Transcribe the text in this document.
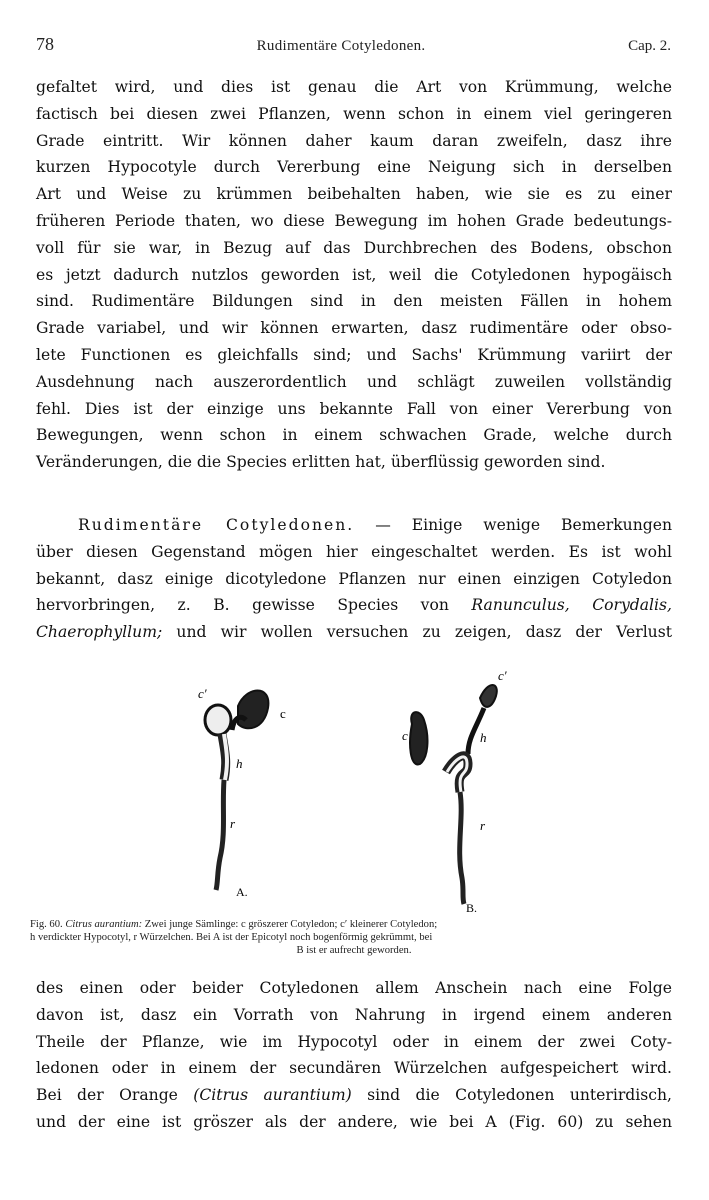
78	Rudimentäre Cotyledonen.	Cap. 2.
gefaltet wird, und dies ist genau die Art von Krümmung, welche
factisch bei diesen zwei Pflanzen, wenn schon in einem viel geringeren
Grade eintritt. Wir können daher kaum daran zweifeln, dasz ihre
kurzen Hypocotyle durch Vererbung eine Neigung sich in derselben
Art und Weise zu krümmen beibehalten haben, wie sie es zu einer
früheren Periode thaten, wo diese Bewegung im hohen Grade bedeutungs-
voll für sie war, in Bezug auf das Durchbrechen des Bodens, obschon
es jetzt dadurch nutzlos geworden ist, weil die Cotyledonen hypogäisch
sind. Rudimentäre Bildungen sind in den meisten Fällen in hohem
Grade variabel, und wir können erwarten, dasz rudimentäre oder obso-
lete Functionen es gleichfalls sind; und Sachs' Krümmung variirt der
Ausdehnung nach auszerordentlich und schlägt zuweilen vollständig
fehl. Dies ist der einzige uns bekannte Fall von einer Vererbung von
Bewegungen, wenn schon in einem schwachen Grade, welche durch
Veränderungen, die die Species erlitten hat, überflüssig geworden sind.
Rudimentäre Cotyledonen. — Einige wenige Bemerkungen
über diesen Gegenstand mögen hier eingeschaltet werden. Es ist wohl
bekannt, dasz einige dicotyledone Pflanzen nur einen einzigen Cotyledon
hervorbringen, z. B. gewisse Species von Ranunculus, Corydalis,
Chaerophyllum; und wir wollen versuchen zu zeigen, dasz der Verlust
c′
c
h
r
A.
c′
c	h
r
B.
Fig. 60. Citrus aurantium: Zwei junge Sämlinge: c gröszerer Cotyledon; c′ kleinerer Cotyledon;
h verdickter Hypocotyl, r Würzelchen. Bei A ist der Epicotyl noch bogenförmig gekrümmt, bei
B ist er aufrecht geworden.
des einen oder beider Cotyledonen allem Anschein nach eine Folge
davon ist, dasz ein Vorrath von Nahrung in irgend einem anderen
Theile der Pflanze, wie im Hypocotyl oder in einem der zwei Coty-
ledonen oder in einem der secundären Würzelchen aufgespeichert wird.
Bei der Orange (Citrus aurantium) sind die Cotyledonen unterirdisch,
und der eine ist gröszer als der andere, wie bei A (Fig. 60) zu sehen
